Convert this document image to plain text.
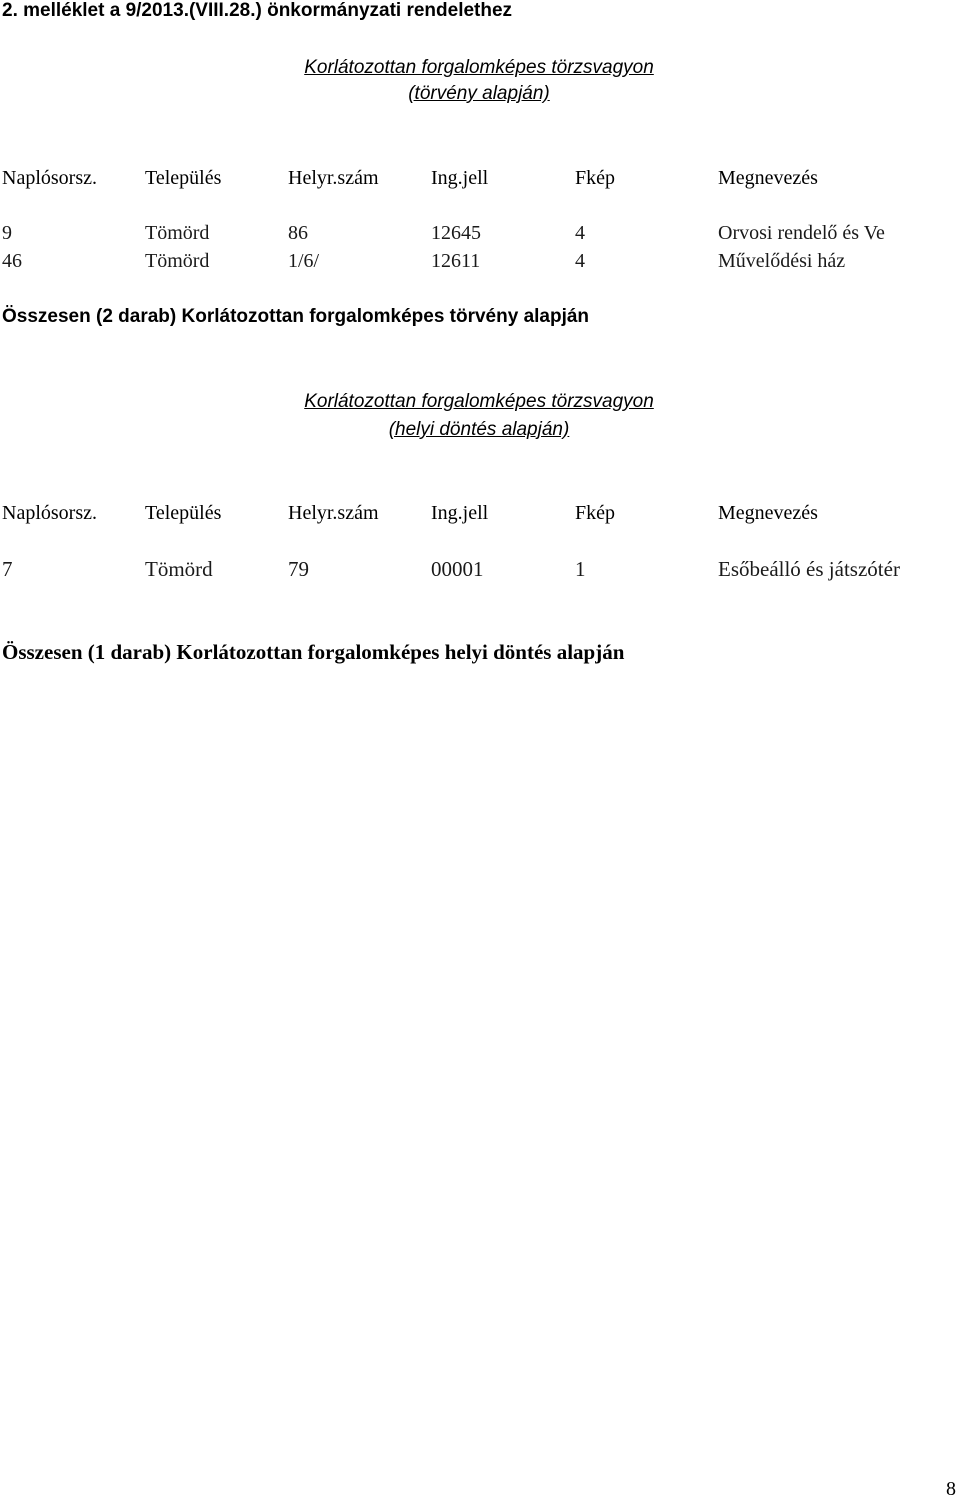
2. melléklet a 9/2013.(VIII.28.) önkormányzati rendelethez
Korlátozottan forgalomképes törzsvagyon
(törvény alapján)
Naplósorsz. Település	Helyr.szám	Ing.jell	Fkép	Megnevezés
9	Tömörd	86	12645	4	Orvosi rendelő és Ve
46	Tömörd	1/6/	12611	4	Művelődési ház
Összesen (2 darab) Korlátozottan forgalomképes törvény alapján
Korlátozottan forgalomképes törzsvagyon
(helyi döntés alapján)
Naplósorsz. Település	Helyr.szám	Ing.jell	Fkép	Megnevezés
7	Tömörd	79	00001	1	Esőbeálló és játszótér
Összesen (1 darab) Korlátozottan forgalomképes helyi döntés alapján
8
